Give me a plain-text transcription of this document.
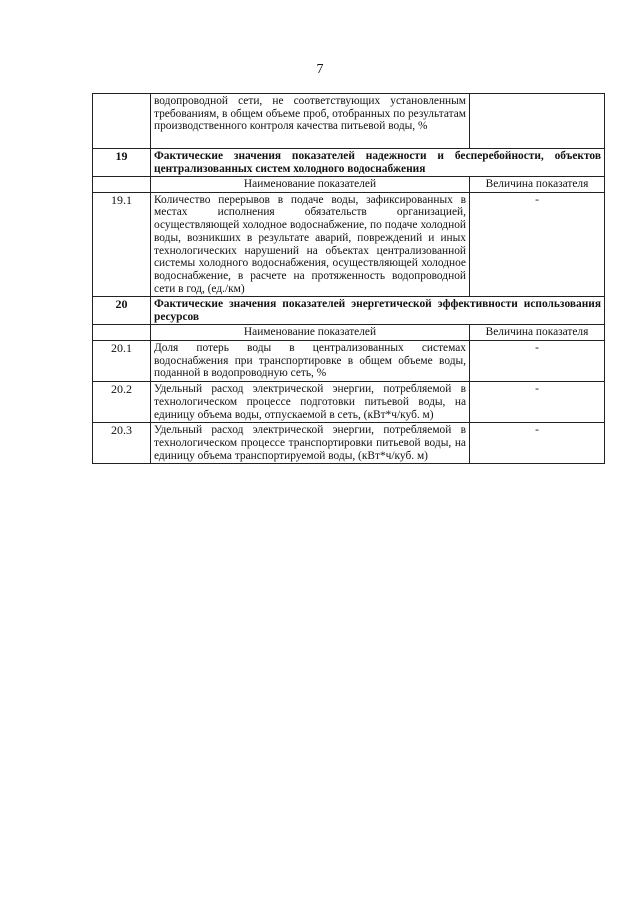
7
	водопроводной сети, не соответствующих установленным требованиям, в общем объеме проб, отобранных по результатам производственного контроля качества питьевой воды, %	
19	Фактические значения показателей надежности и бесперебойности, объектов централизованных систем холодного водоснабжения	
	Наименование показателей	Величина показателя
19.1	Количество перерывов в подаче воды, зафиксированных в местах исполнения обязательств организацией, осуществляющей холодное водоснабжение, по подаче холодной воды, возникших в результате аварий, повреждений и иных технологических нарушений на объектах централизованной системы холодного водоснабжения, осуществляющей холодное водоснабжение, в расчете на протяженность водопроводной сети в год, (ед./км)	-
20	Фактические значения показателей энергетической эффективности использования ресурсов	
	Наименование показателей	Величина показателя
20.1	Доля потерь воды в централизованных системах водоснабжения при транспортировке в общем объеме воды, поданной в водопроводную сеть, %	-
20.2	Удельный расход электрической энергии, потребляемой в технологическом процессе подготовки питьевой воды, на единицу объема воды, отпускаемой в сеть, (кВт*ч/куб. м)	-
20.3	Удельный расход электрической энергии, потребляемой в технологическом процессе транспортировки питьевой воды, на единицу объема транспортируемой воды, (кВт*ч/куб. м)	-
